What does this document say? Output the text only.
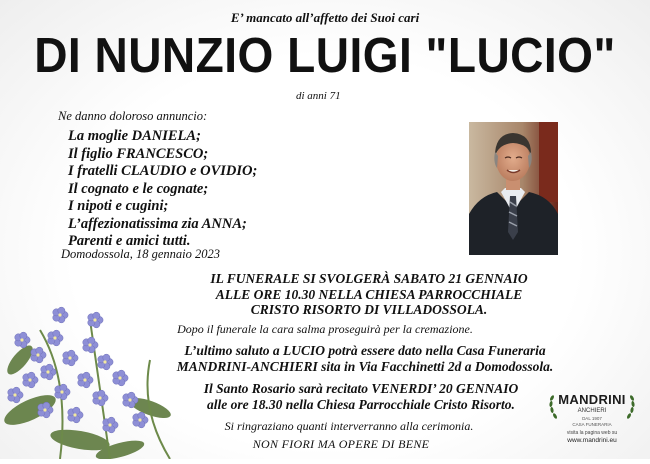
E’ mancato all’affetto dei Suoi cari
DI NUNZIO LUIGI "LUCIO"
di anni 71
Ne danno doloroso annuncio:
La moglie DANIELA;
Il figlio FRANCESCO;
I fratelli CLAUDIO e OVIDIO;
Il cognato e le cognate;
I nipoti e cugini;
L’affezionatissima zia ANNA;
Parenti e amici tutti.
Domodossola, 18 gennaio 2023
IL FUNERALE SI SVOLGERÀ SABATO 21 GENNAIO
ALLE ORE 10.30 NELLA CHIESA PARROCCHIALE
CRISTO RISORTO DI VILLADOSSOLA.
Dopo il funerale la cara salma proseguirà per la cremazione.
L’ultimo saluto a LUCIO potrà essere dato nella Casa Funeraria
MANDRINI-ANCHIERI sita in Via Facchinetti 2d a Domodossola.
Il Santo Rosario sarà recitato VENERDI’ 20 GENNAIO
alle ore 18.30 nella Chiesa Parrocchiale Cristo Risorto.
Si ringraziano quanti interverranno alla cerimonia.
NON FIORI MA OPERE DI BENE
MANDRINI
ANCHIERI
DAL 1907
CASA FUNERARIA
visita la pagina web su
www.mandrini.eu
